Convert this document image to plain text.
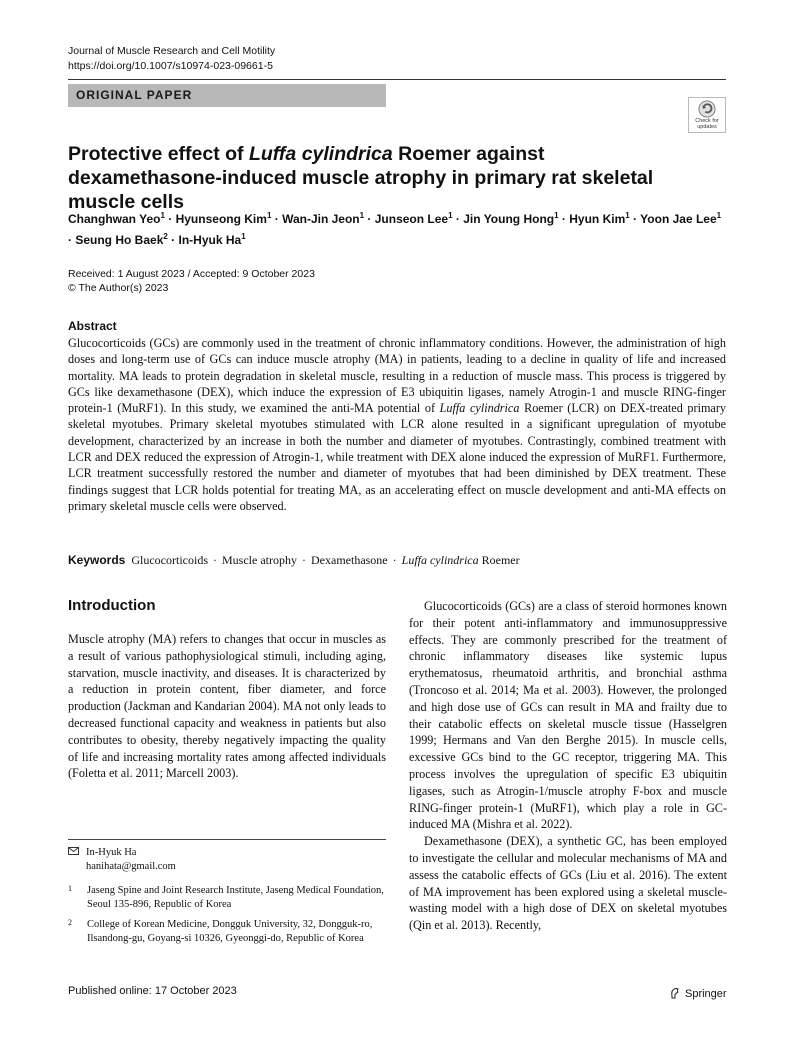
Journal of Muscle Research and Cell Motility
https://doi.org/10.1007/s10974-023-09661-5
ORIGINAL PAPER
Check for
updates
Protective effect of Luffa cylindrica Roemer against dexamethasone-induced muscle atrophy in primary rat skeletal muscle cells
Changhwan Yeo$^1$ · Hyunseong Kim$^1$ · Wan-Jin Jeon$^1$ · Junseon Lee$^1$ · Jin Young Hong$^1$ · Hyun Kim$^1$ · Yoon Jae Lee$^1$ · Seung Ho Baek$^2$ · In-Hyuk Ha$^1$
Received: 1 August 2023 / Accepted: 9 October 2023
© The Author(s) 2023
Abstract
Glucocorticoids (GCs) are commonly used in the treatment of chronic inflammatory conditions. However, the administration of high doses and long-term use of GCs can induce muscle atrophy (MA) in patients, leading to a decline in quality of life and increased mortality. MA leads to protein degradation in skeletal muscle, resulting in a reduction of muscle mass. This process is triggered by GCs like dexamethasone (DEX), which induce the expression of E3 ubiquitin ligases, namely Atrogin-1 and muscle RING-finger protein-1 (MuRF1). In this study, we examined the anti-MA potential of Luffa cylindrica Roemer (LCR) on DEX-treated primary skeletal myotubes. Primary skeletal myotubes stimulated with LCR alone resulted in a significant upregulation of myotube development, characterized by an increase in both the number and diameter of myotubes. Contrastingly, combined treatment with LCR and DEX reduced the expression of Atrogin-1, while treatment with DEX alone induced the expression of MuRF1. Furthermore, LCR treatment successfully restored the number and diameter of myotubes that had been diminished by DEX treatment. These findings suggest that LCR holds potential for treating MA, as an accelerating effect on muscle development and anti-MA effects on primary skeletal muscle cells were observed.
Keywords Glucocorticoids · Muscle atrophy · Dexamethasone · Luffa cylindrica Roemer
Introduction

Muscle atrophy (MA) refers to changes that occur in muscles as a result of various pathophysiological stimuli, including aging, starvation, muscle inactivity, and diseases. It is characterized by a reduction in protein content, fiber diameter, and force production (Jackman and Kandarian 2004). MA not only leads to decreased functional capacity and weakness in patients but also contributes to obesity, thereby negatively impacting the quality of life and increasing mortality rates among affected individuals (Foletta et al. 2011; Marcell 2003).

Glucocorticoids (GCs) are a class of steroid hormones known for their potent anti-inflammatory and immunosuppressive effects. They are commonly prescribed for the treatment of chronic inflammatory diseases like systemic lupus erythematosus, rheumatoid arthritis, and bronchial asthma (Troncoso et al. 2014; Ma et al. 2003). However, the prolonged and high dose use of GCs can result in MA and frailty due to their catabolic effects on skeletal muscle tissue (Hasselgren 1999; Hermans and Van den Berghe 2015). In muscle cells, excessive GCs bind to the GC receptor, triggering MA. This process involves the upregulation of specific E3 ubiquitin ligases, such as Atrogin-1/muscle atrophy F-box and muscle RING-finger protein-1 (MuRF1), which play a role in GC-induced MA (Mishra et al. 2022).

Dexamethasone (DEX), a synthetic GC, has been employed to investigate the cellular and molecular mechanisms of MA and assess the catabolic effects of GCs (Liu et al. 2016). The extent of MA improvement has been explored using a skeletal muscle-wasting model with a high dose of DEX on skeletal myotubes (Qin et al. 2013). Recently,

In-Hyuk Ha
hanihata@gmail.com
1 Jaseng Spine and Joint Research Institute, Jaseng Medical Foundation, Seoul 135-896, Republic of Korea
2 College of Korean Medicine, Dongguk University, 32, Dongguk-ro, Ilsandong-gu, Goyang-si 10326, Gyeonggi-do, Republic of Korea
Published online: 17 October 2023	Springer
